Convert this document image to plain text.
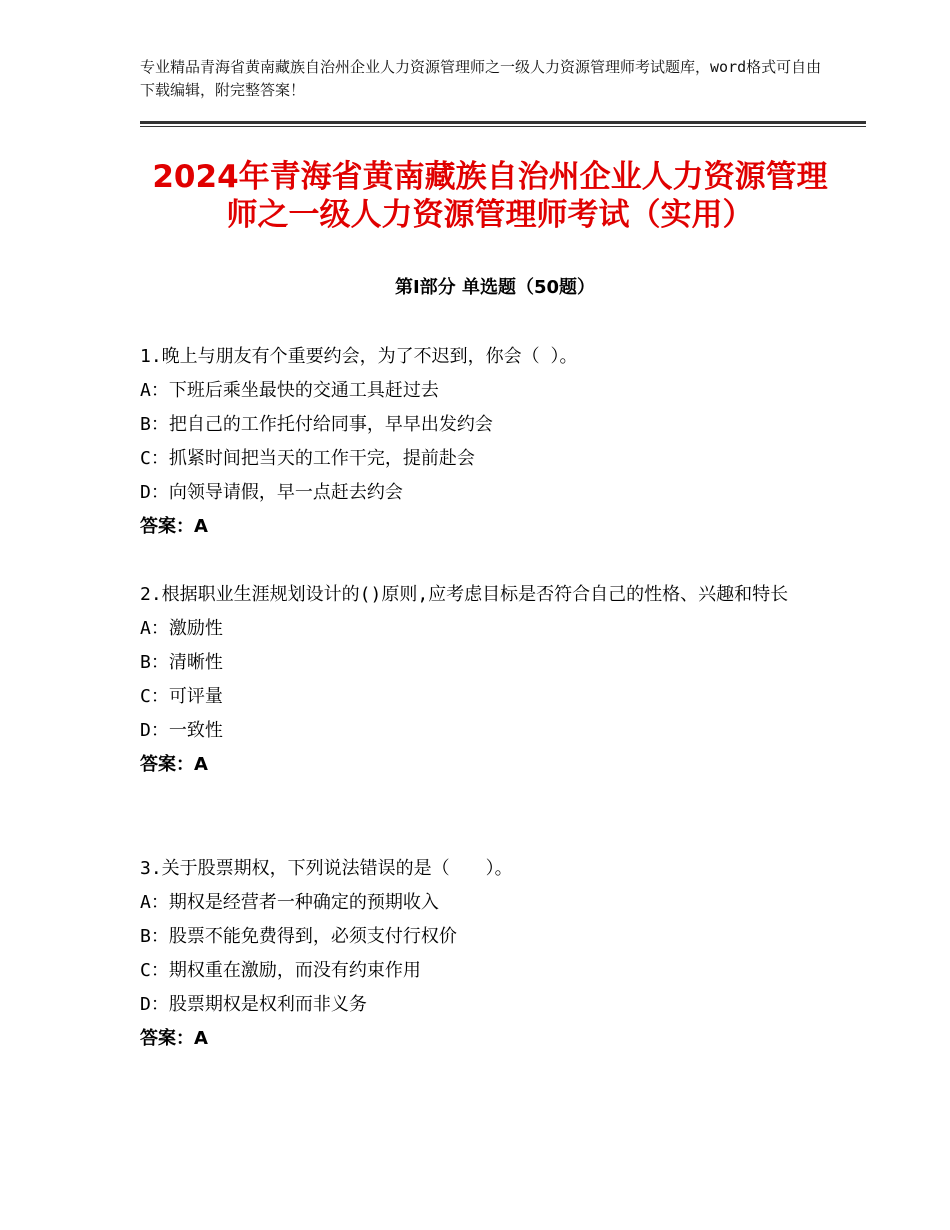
专业精品青海省黄南藏族自治州企业人力资源管理师之一级人力资源管理师考试题库，word格式可自由下载编辑，附完整答案！
2024年青海省黄南藏族自治州企业人力资源管理师之一级人力资源管理师考试（实用）
第Ⅰ部分 单选题（50题）

1.晚上与朋友有个重要约会，为了不迟到，你会（ ）。

A：下班后乘坐最快的交通工具赶过去

B：把自己的工作托付给同事，早早出发约会

C：抓紧时间把当天的工作干完，提前赴会

D：向领导请假，早一点赶去约会

答案：A

2.根据职业生涯规划设计的()原则,应考虑目标是否符合自己的性格、兴趣和特长

A：激励性

B：清晰性

C：可评量

D：一致性

答案：A

3.关于股票期权，下列说法错误的是（　　）。

A：期权是经营者一种确定的预期收入

B：股票不能免费得到，必须支付行权价

C：期权重在激励，而没有约束作用

D：股票期权是权利而非义务

答案：A
